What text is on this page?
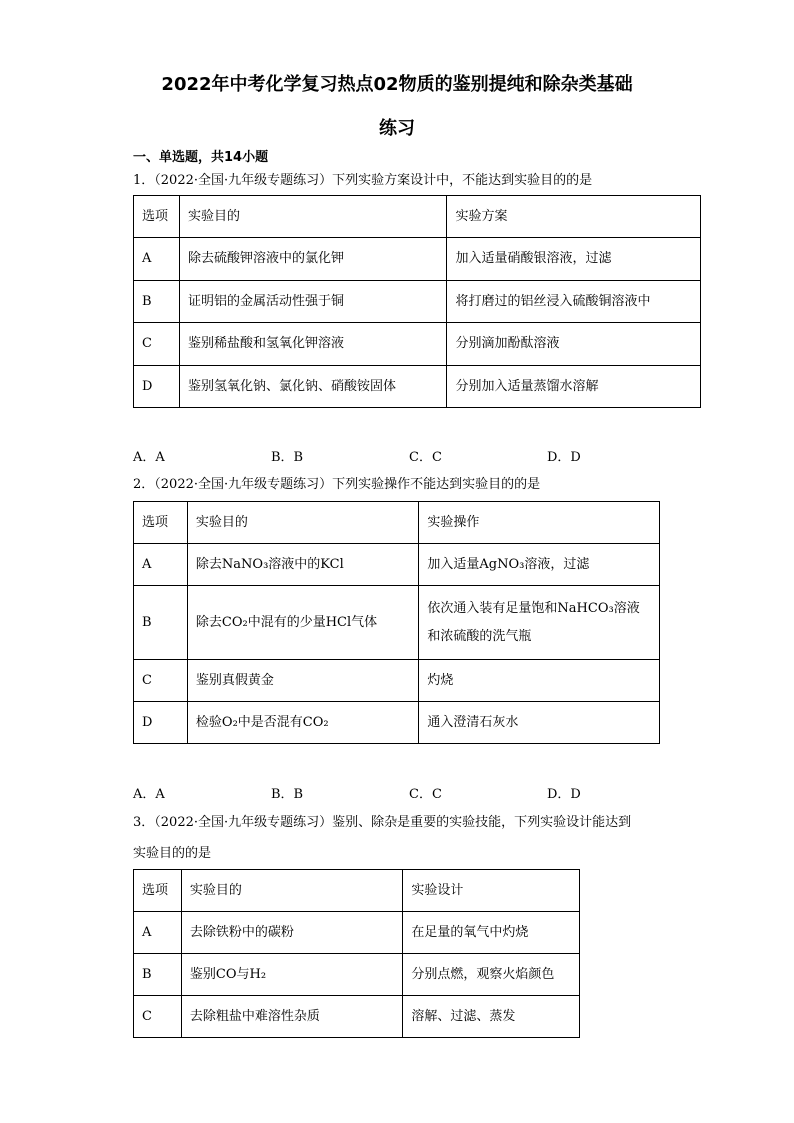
2022年中考化学复习热点02物质的鉴别提纯和除杂类基础
练习
一、单选题，共14小题
1．（2022·全国·九年级专题练习）下列实验方案设计中，不能达到实验目的的是
选项	实验目的	实验方案
A	除去硫酸钾溶液中的氯化钾	加入适量硝酸银溶液，过滤
B	证明铝的金属活动性强于铜	将打磨过的铝丝浸入硫酸铜溶液中
C	鉴别稀盐酸和氢氧化钾溶液	分别滴加酚酞溶液
D	鉴别氢氧化钠、氯化钠、硝酸铵固体	分别加入适量蒸馏水溶解
A．A	B．B	C．C	D．D
2．（2022·全国·九年级专题练习）下列实验操作不能达到实验目的的是
选项	实验目的	实验操作
A	除去NaNO₃溶液中的KCl	加入适量AgNO₃溶液，过滤
B	除去CO₂中混有的少量HCl气体	依次通入装有足量饱和NaHCO₃溶液和浓硫酸的洗气瓶
C	鉴别真假黄金	灼烧
D	检验O₂中是否混有CO₂	通入澄清石灰水
A．A	B．B	C．C	D．D
3．（2022·全国·九年级专题练习）鉴别、除杂是重要的实验技能，下列实验设计能达到
实验目的的是
选项	实验目的	实验设计
A	去除铁粉中的碳粉	在足量的氧气中灼烧
B	鉴别CO与H₂	分别点燃，观察火焰颜色
C	去除粗盐中难溶性杂质	溶解、过滤、蒸发
